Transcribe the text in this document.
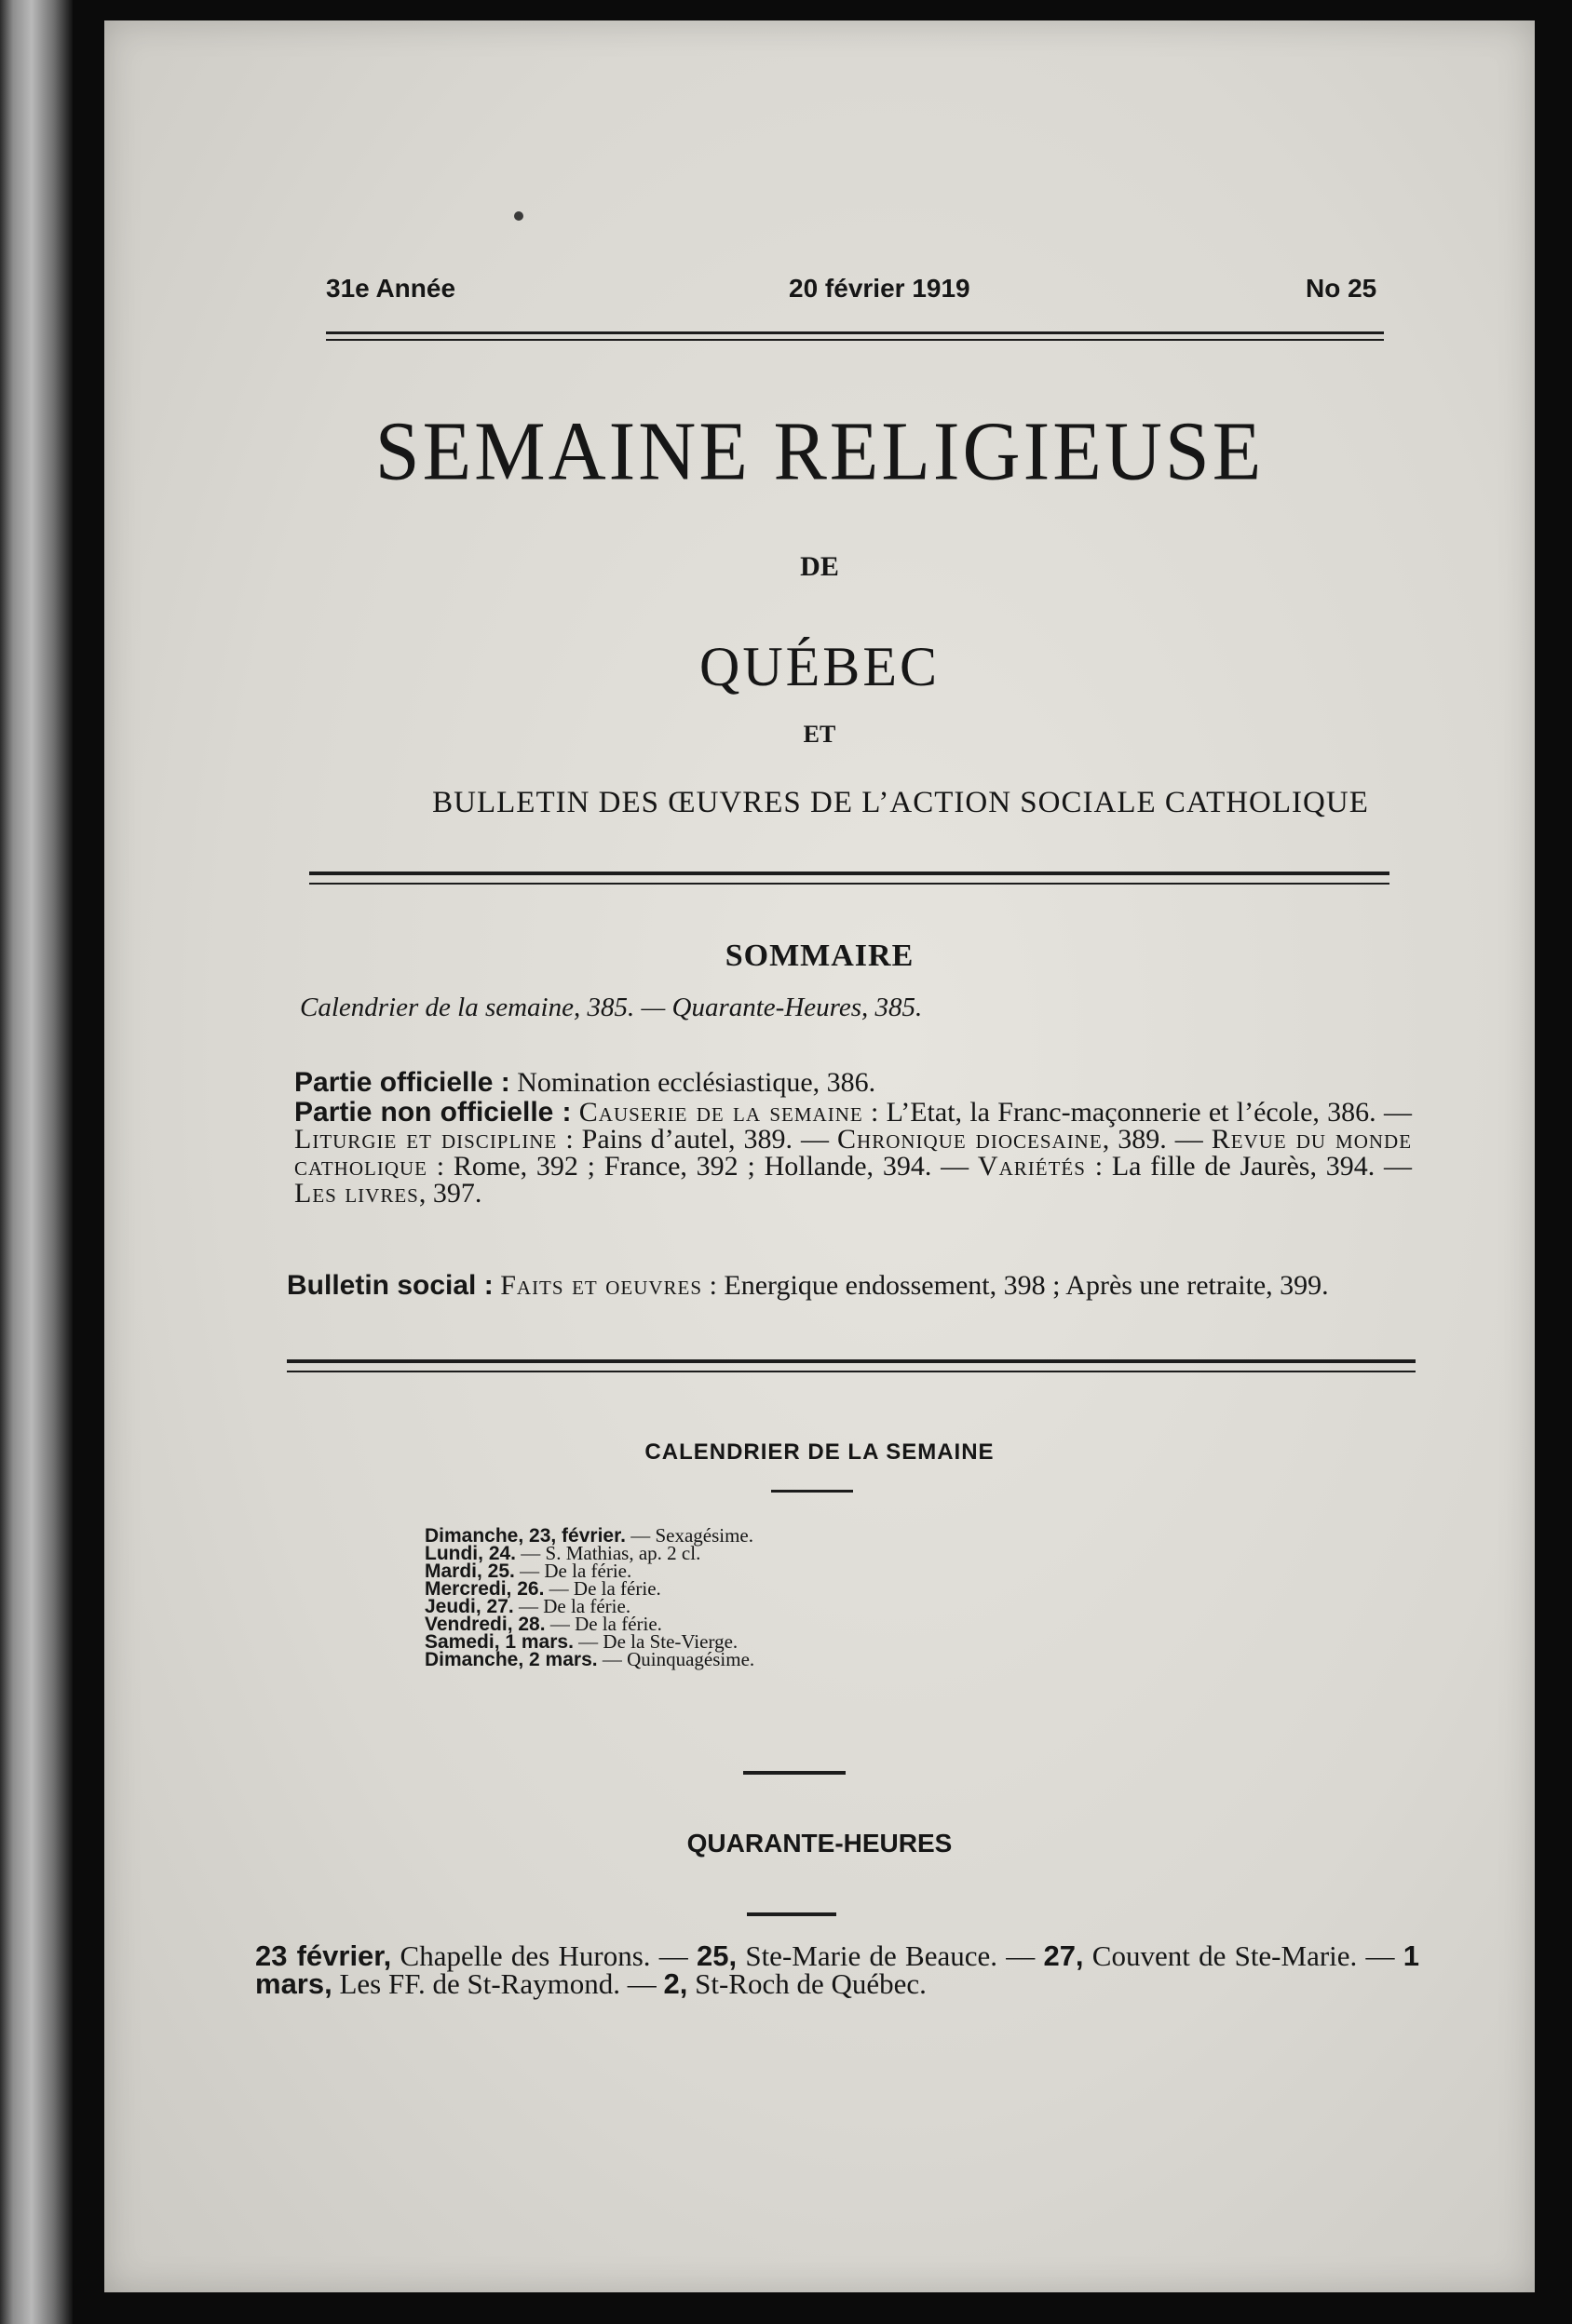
31e Année	20 février 1919	No 25
SEMAINE RELIGIEUSE
DE
QUÉBEC
ET
BULLETIN DES ŒUVRES DE L’ACTION SOCIALE CATHOLIQUE
SOMMAIRE
Calendrier de la semaine, 385. — Quarante-Heures, 385.
Partie officielle : Nomination ecclésiastique, 386.
Partie non officielle : Causerie de la semaine : L’Etat, la Franc-maçonnerie et l’école, 386. — Liturgie et discipline : Pains d’autel, 389. — Chronique diocesaine, 389. — Revue du monde catholique : Rome, 392 ; France, 392 ; Hollande, 394. — Variétés : La fille de Jaurès, 394. — Les livres, 397.
Bulletin social : Faits et oeuvres : Energique endossement, 398 ; Après une retraite, 399.
CALENDRIER DE LA SEMAINE
Dimanche, 23, février. — Sexagésime.
Lundi, 24. — S. Mathias, ap. 2 cl.
Mardi, 25. — De la férie.
Mercredi, 26. — De la férie.
Jeudi, 27. — De la férie.
Vendredi, 28. — De la férie.
Samedi, 1 mars. — De la Ste-Vierge.
Dimanche, 2 mars. — Quinquagésime.
QUARANTE-HEURES
23 février, Chapelle des Hurons. — 25, Ste-Marie de Beauce. — 27, Couvent de Ste-Marie. — 1 mars, Les FF. de St-Raymond. — 2, St-Roch de Québec.
